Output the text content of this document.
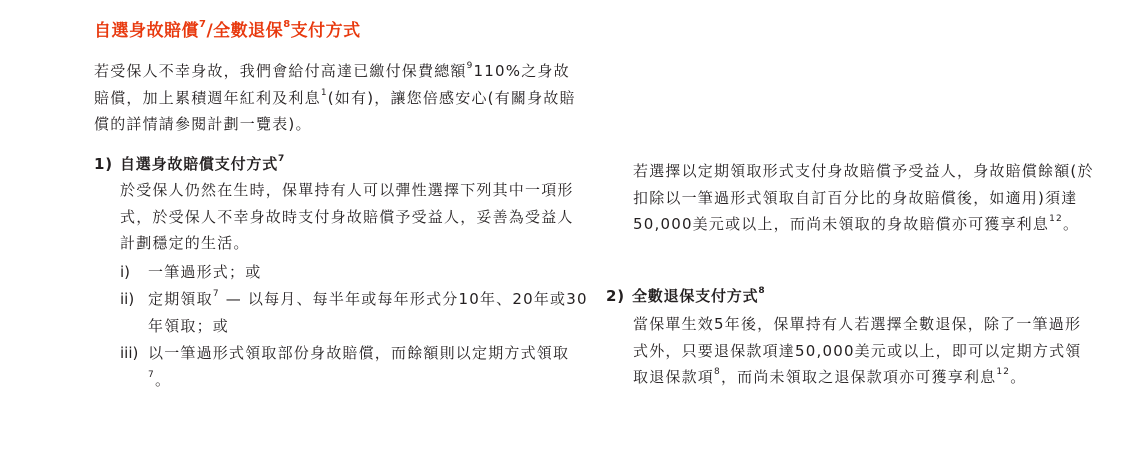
自選身故賠償$^7$/全數退保$^8$支付方式

若受保人不幸身故，我們會給付高達已繳付保費總額$^9$110%之身故賠償，加上累積週年紅利及利息$^1$(如有)，讓您倍感安心(有關身故賠償的詳情請參閱計劃一覽表)。

1) 自選身故賠償支付方式$^7$

於受保人仍然在生時，保單持有人可以彈性選擇下列其中一項形式，於受保人不幸身故時支付身故賠償予受益人，妥善為受益人計劃穩定的生活。

i) 一筆過形式；或

ii) 定期領取$^7$ — 以每月、每半年或每年形式分10年、20年或30年領取；或

iii) 以一筆過形式領取部份身故賠償，而餘額則以定期方式領取$^7$。

若選擇以定期領取形式支付身故賠償予受益人，身故賠償餘額(於扣除以一筆過形式領取自訂百分比的身故賠償後，如適用)須達50,000美元或以上，而尚未領取的身故賠償亦可獲享利息$^{12}$。

2) 全數退保支付方式$^8$

當保單生效5年後，保單持有人若選擇全數退保，除了一筆過形式外，只要退保款項達50,000美元或以上，即可以定期方式領取退保款項$^8$，而尚未領取之退保款項亦可獲享利息$^{12}$。
